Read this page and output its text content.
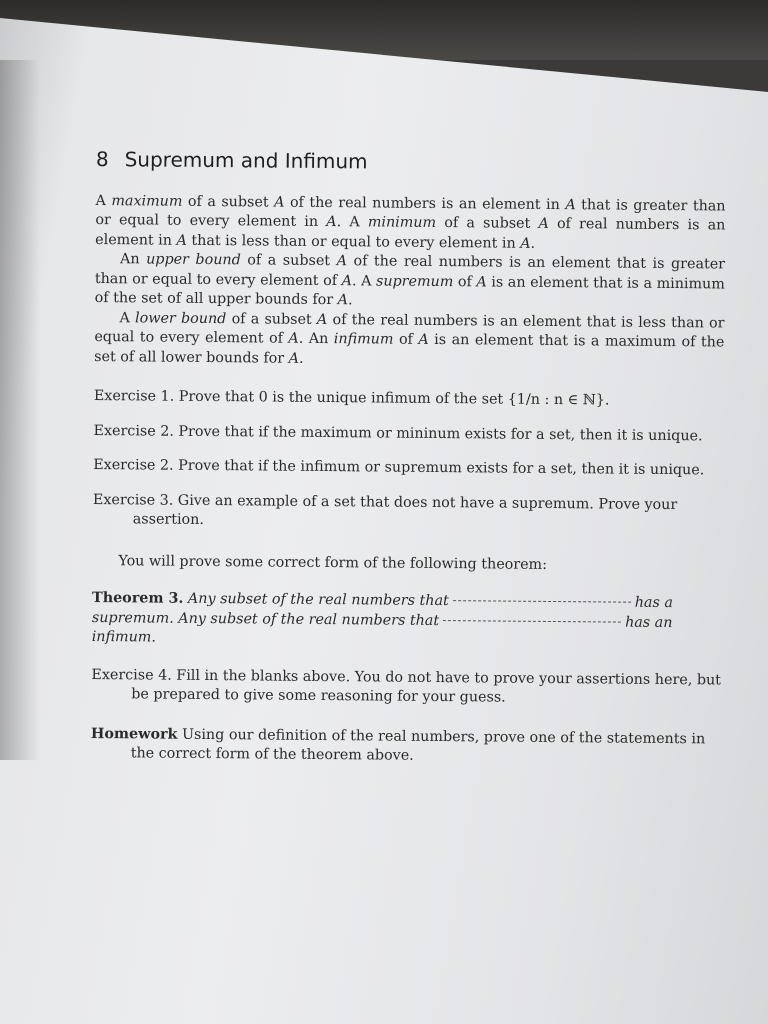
8 Supremum and Infimum

A maximum of a subset A of the real numbers is an element in A that is greater than or equal to every element in A. A minimum of a subset A of real numbers is an element in A that is less than or equal to every element in A.

An upper bound of a subset A of the real numbers is an element that is greater than or equal to every element of A. A supremum of A is an element that is a minimum of the set of all upper bounds for A.

A lower bound of a subset A of the real numbers is an element that is less than or equal to every element of A. An infimum of A is an element that is a maximum of the set of all lower bounds for A.

Exercise 1. Prove that 0 is the unique infimum of the set {1/n : n ∈ ℕ}.

Exercise 2. Prove that if the maximum or mininum exists for a set, then it is unique.

Exercise 2. Prove that if the infimum or supremum exists for a set, then it is unique.

Exercise 3. Give an example of a set that does not have a supremum. Prove your assertion.

You will prove some correct form of the following theorem:

Theorem 3. Any subset of the real numbers that	has a supremum. Any subset of the real numbers that	has an infimum.

Exercise 4. Fill in the blanks above. You do not have to prove your assertions here, but be prepared to give some reasoning for your guess.

Homework Using our definition of the real numbers, prove one of the statements in the correct form of the theorem above.
